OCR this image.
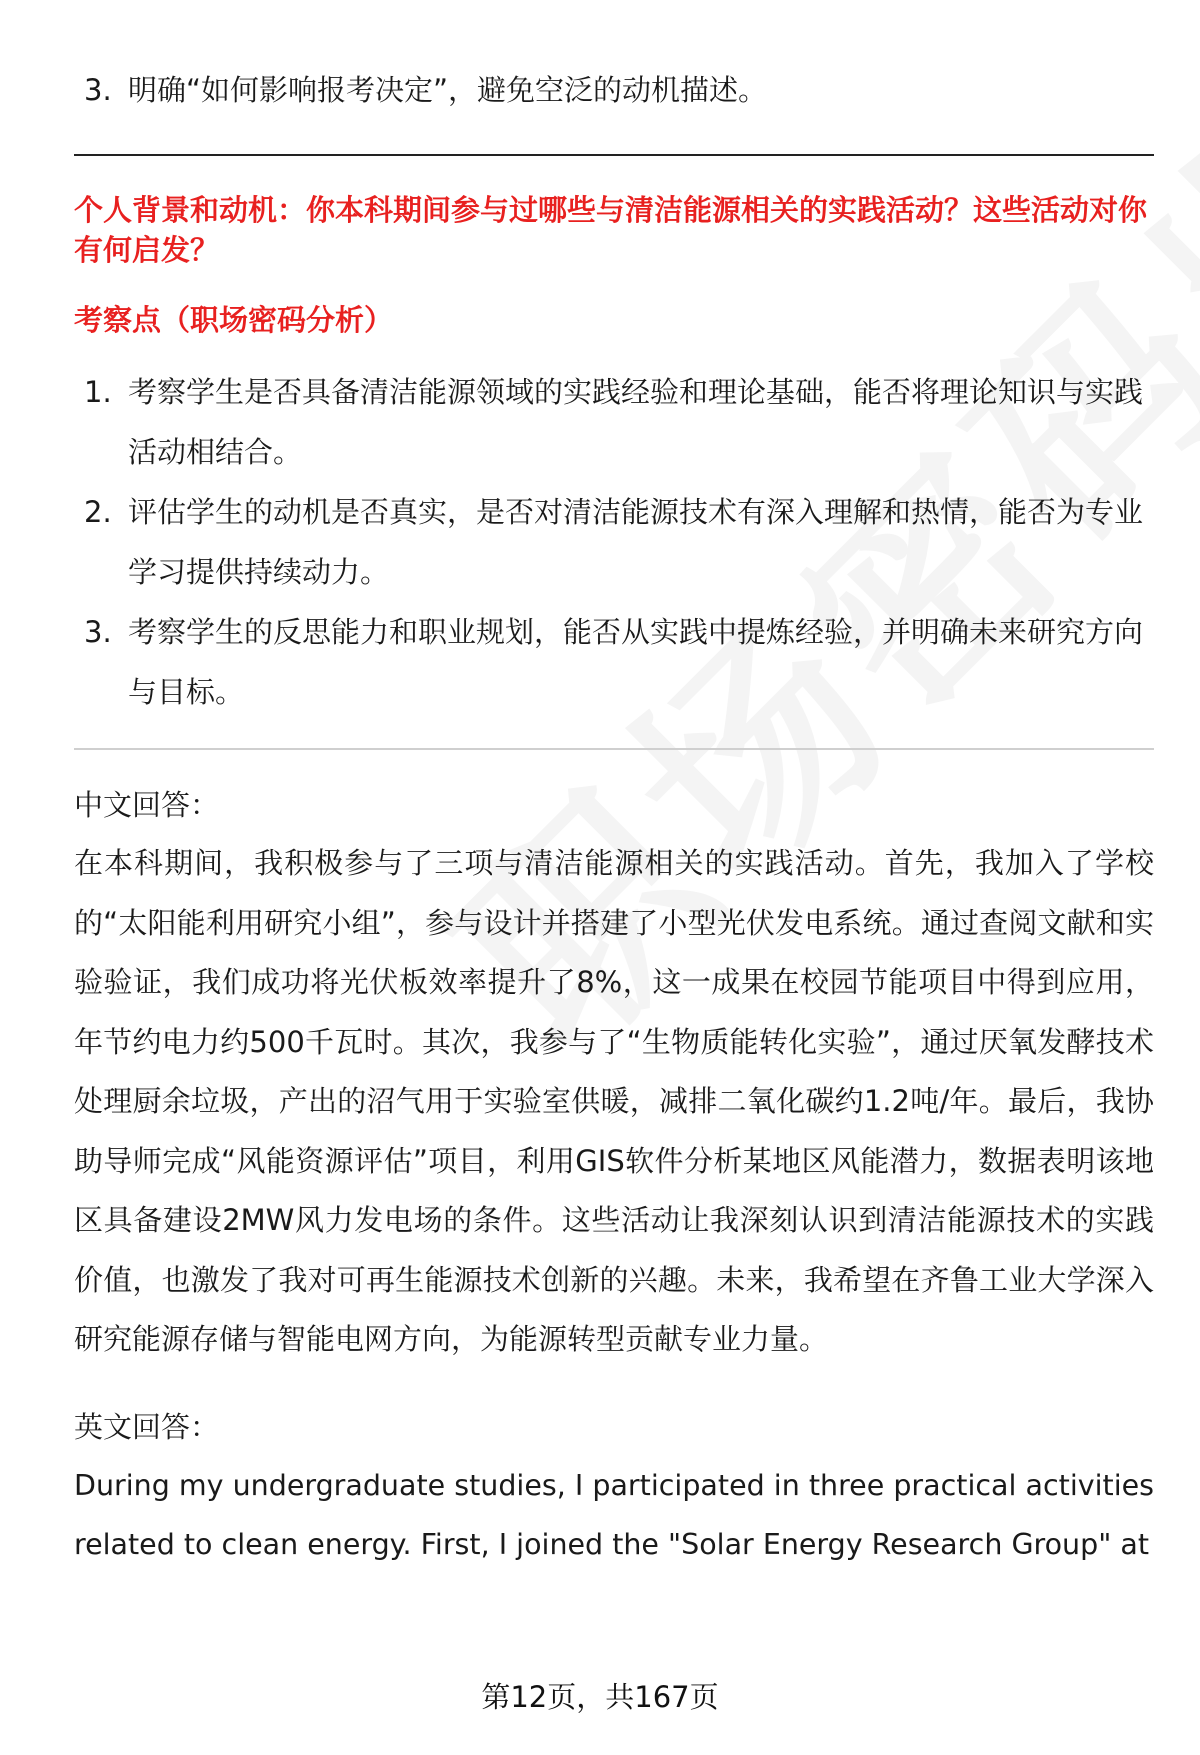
3. 明确“如何影响报考决定”，避免空泛的动机描述。
个人背景和动机：你本科期间参与过哪些与清洁能源相关的实践活动？这些活动对你有何启发？
考察点（职场密码分析）
1. 考察学生是否具备清洁能源领域的实践经验和理论基础，能否将理论知识与实践活动相结合。
2. 评估学生的动机是否真实，是否对清洁能源技术有深入理解和热情，能否为专业学习提供持续动力。
3. 考察学生的反思能力和职业规划，能否从实践中提炼经验，并明确未来研究方向与目标。
中文回答：
在本科期间，我积极参与了三项与清洁能源相关的实践活动。首先，我加入了学校的“太阳能利用研究小组”，参与设计并搭建了小型光伏发电系统。通过查阅文献和实验验证，我们成功将光伏板效率提升了8%，这一成果在校园节能项目中得到应用，年节约电力约500千瓦时。其次，我参与了“生物质能转化实验”，通过厌氧发酵技术处理厨余垃圾，产出的沼气用于实验室供暖，减排二氧化碳约1.2吨/年。最后，我协助导师完成“风能资源评估”项目，利用GIS软件分析某地区风能潜力，数据表明该地区具备建设2MW风力发电场的条件。这些活动让我深刻认识到清洁能源技术的实践价值，也激发了我对可再生能源技术创新的兴趣。未来，我希望在齐鲁工业大学深入研究能源存储与智能电网方向，为能源转型贡献专业力量。
英文回答：
During my undergraduate studies, I participated in three practical activities related to clean energy. First, I joined the "Solar Energy Research Group" at
第12页，共167页
